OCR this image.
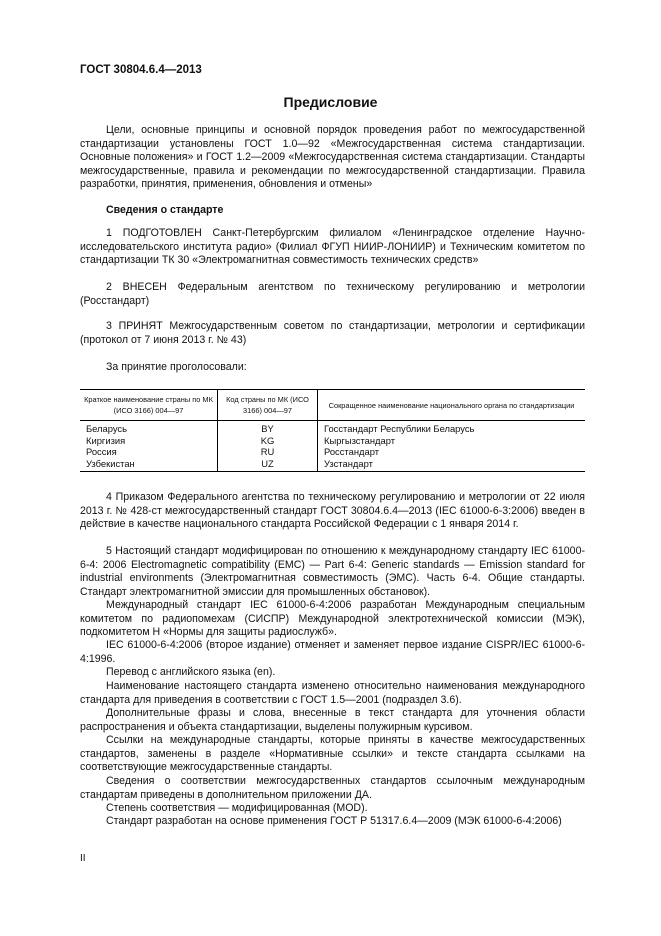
ГОСТ 30804.6.4—2013
Предисловие

Цели, основные принципы и основной порядок проведения работ по межгосударственной стандартизации установлены ГОСТ 1.0—92 «Межгосударственная система стандартизации. Основные положения» и ГОСТ 1.2—2009 «Межгосударственная система стандартизации. Стандарты межгосударственные, правила и рекомендации по межгосударственной стандартизации. Правила разработки, принятия, применения, обновления и отмены»

Сведения о стандарте

1 ПОДГОТОВЛЕН Санкт-Петербургским филиалом «Ленинградское отделение Научно-исследовательского института радио» (Филиал ФГУП НИИР-ЛОНИИР) и Техническим комитетом по стандартизации ТК 30 «Электромагнитная совместимость технических средств»

2 ВНЕСЕН Федеральным агентством по техническому регулированию и метрологии (Росстандарт)

3 ПРИНЯТ Межгосударственным советом по стандартизации, метрологии и сертификации (протокол от 7 июня 2013 г. № 43)

За принятие проголосовали:
Краткое наименование страны по МК (ИСО 3166) 004—97	Код страны по МК (ИСО 3166) 004—97	Сокращенное наименование национального органа по стандартизации
Беларусь	BY	Госстандарт Республики Беларусь
Киргизия	KG	Кыргызстандарт
Россия	RU	Росстандарт
Узбекистан	UZ	Узстандарт

4 Приказом Федерального агентства по техническому регулированию и метрологии от 22 июля 2013 г. № 428-ст межгосударственный стандарт ГОСТ 30804.6.4—2013 (IEC 61000-6-3:2006) введен в действие в качестве национального стандарта Российской Федерации с 1 января 2014 г.

5 Настоящий стандарт модифицирован по отношению к международному стандарту IEC 61000-6-4: 2006 Electromagnetic compatibility (EMC) — Part 6-4: Generic standards — Emission standard for industrial environments (Электромагнитная совместимость (ЭМС). Часть 6-4. Общие стандарты. Стандарт электромагнитной эмиссии для промышленных обстановок).

Международный стандарт IEC 61000-6-4:2006 разработан Международным специальным комитетом по радиопомехам (СИСПР) Международной электротехнической комиссии (МЭК), подкомитетом H «Нормы для защиты радиослужб».

IEC 61000-6-4:2006 (второе издание) отменяет и заменяет первое издание CISPR/IEC 61000-6-4:1996.

Перевод с английского языка (en).

Наименование настоящего стандарта изменено относительно наименования международного стандарта для приведения в соответствии с ГОСТ 1.5—2001 (подраздел 3.6).

Дополнительные фразы и слова, внесенные в текст стандарта для уточнения области распространения и объекта стандартизации, выделены полужирным курсивом.

Ссылки на международные стандарты, которые приняты в качестве межгосударственных стандартов, заменены в разделе «Нормативные ссылки» и тексте стандарта ссылками на соответствующие межгосударственные стандарты.

Сведения о соответствии межгосударственных стандартов ссылочным международным стандартам приведены в дополнительном приложении ДА.

Степень соответствия — модифицированная (MOD).

Стандарт разработан на основе применения ГОСТ Р 51317.6.4—2009 (МЭК 61000-6-4:2006)

II
